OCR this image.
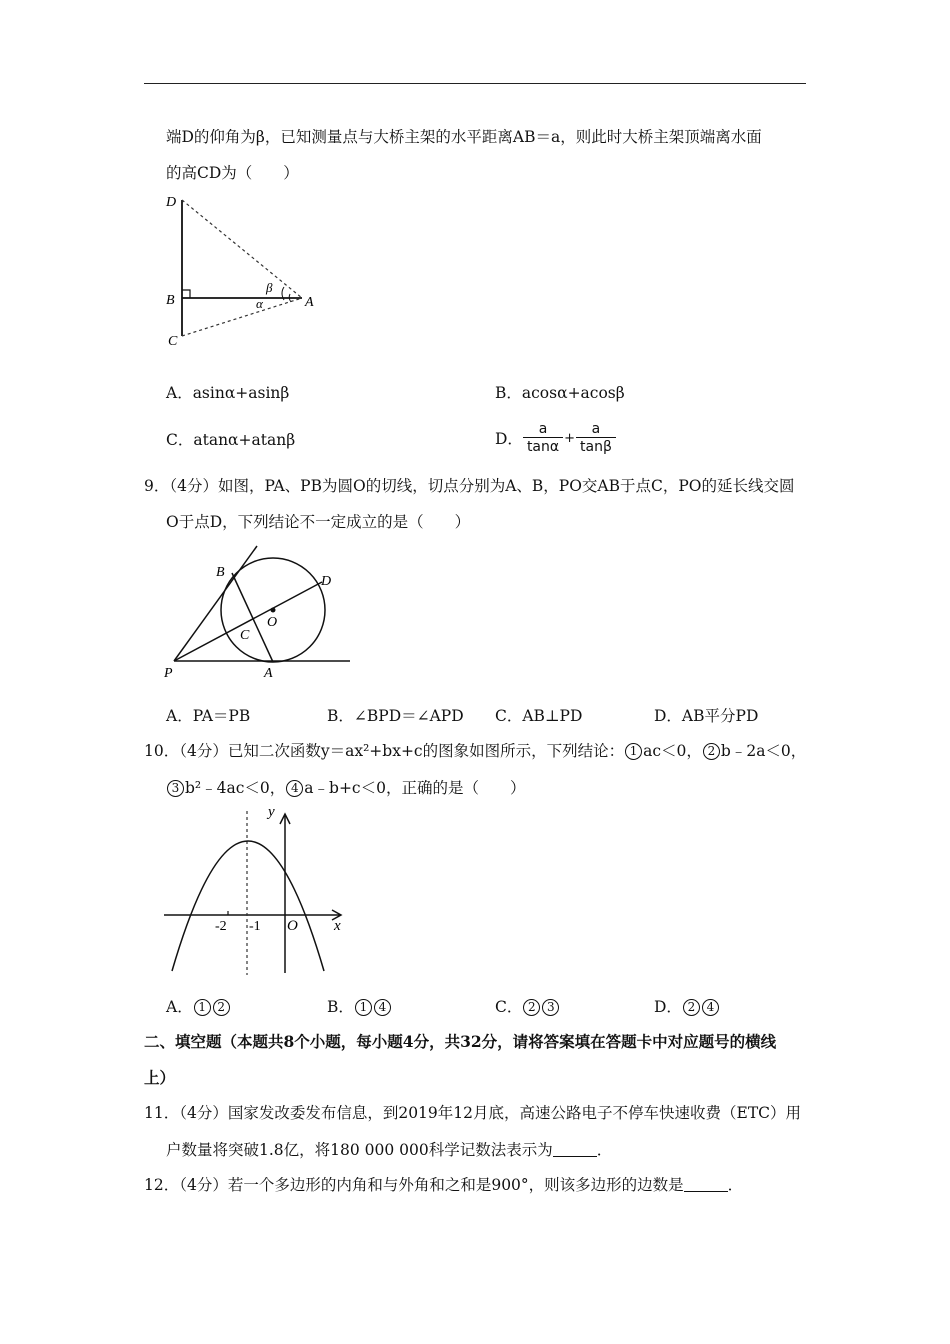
端D的仰角为β，已知测量点与大桥主架的水平距离AB＝a，则此时大桥主架顶端离水面
的高CD为（　　）
D
B
C
A
β
α
A．asinα+asinβ	B．acosα+acosβ
C．atanα+atanβ	D． $\frac{a}{\tan\alpha} + \frac{a}{\tan\beta}$
9．（4分）如图，PA、PB为圆O的切线，切点分别为A、B，PO交AB于点C，PO的延长线交圆
O于点D，下列结论不一定成立的是（　　）
B
D
O
C
P	A
A．PA＝PB	B．∠BPD＝∠APD C．AB⊥PD	D．AB平分PD
10．（4分）已知二次函数y＝ax²+bx+c的图象如图所示，下列结论： 1 ac＜0， 2 b﹣2a＜0，
3 b²﹣4ac＜0， 4 a﹣b+c＜0，正确的是（　　）
y
x
O
-2 -1
A． 1 2	B． 1 4	C． 2 3	D． 2 4
二、填空题（本题共8个小题，每小题4分，共32分，请将答案填在答题卡中对应题号的横线
上）
11．（4分）国家发改委发布信息，到2019年12月底，高速公路电子不停车快速收费（ETC）用
户数量将突破1.8亿，将180 000 000科学记数法表示为	．
12．（4分）若一个多边形的内角和与外角和之和是900°，则该多边形的边数是	．
